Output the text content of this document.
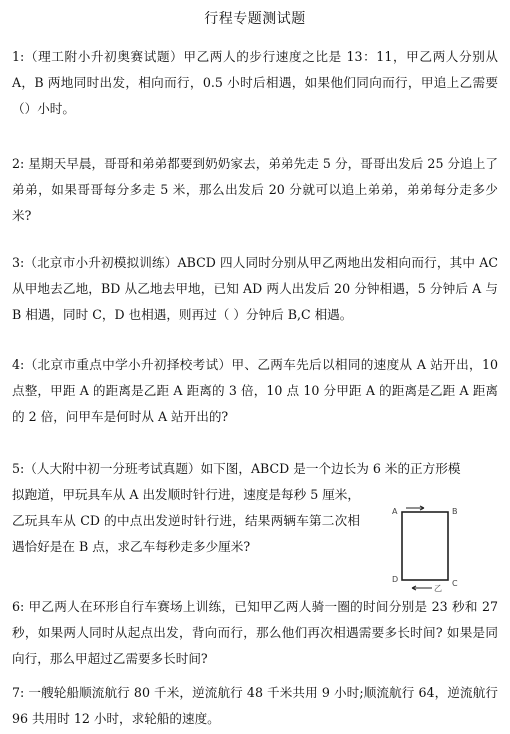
行程专题测试题
1:（理工附小升初奥赛试题）甲乙两人的步行速度之比是 13：11，甲乙两人分别从 A，B 两地同时出发，相向而行，0.5 小时后相遇，如果他们同向而行，甲追上乙需要（）小时。
2: 星期天早晨，哥哥和弟弟都要到奶奶家去，弟弟先走 5 分，哥哥出发后 25 分追上了弟弟，如果哥哥每分多走 5 米，那么出发后 20 分就可以追上弟弟，弟弟每分走多少米?
3:（北京市小升初模拟训练）ABCD 四人同时分别从甲乙两地出发相向而行，其中 AC 从甲地去乙地，BD 从乙地去甲地，已知 AD 两人出发后 20 分钟相遇，5 分钟后 A 与 B 相遇，同时 C，D 也相遇，则再过（ ）分钟后 B,C 相遇。
4:（北京市重点中学小升初择校考试）甲、乙两车先后以相同的速度从 A 站开出，10 点整，甲距 A 的距离是乙距 A 距离的 3 倍，10 点 10 分甲距 A 的距离是乙距 A 距离的 2 倍，问甲车是何时从 A 站开出的?
5:（人大附中初一分班考试真题）如下图，ABCD 是一个边长为 6 米的正方形模
拟跑道，甲玩具车从 A 出发顺时针行进，速度是每秒 5 厘米，乙玩具车从 CD 的中点出发逆时针行进，结果两辆车第二次相遇恰好是在 B 点，求乙车每秒走多少厘米?
A	B
C
D
乙
6: 甲乙两人在环形自行车赛场上训练，已知甲乙两人骑一圈的时间分别是 23 秒和 27 秒，如果两人同时从起点出发，背向而行，那么他们再次相遇需要多长时间? 如果是同向行，那么甲超过乙需要多长时间?
7: 一艘轮船顺流航行 80 千米，逆流航行 48 千米共用 9 小时;顺流航行 64，逆流航行 96 共用时 12 小时，求轮船的速度。
